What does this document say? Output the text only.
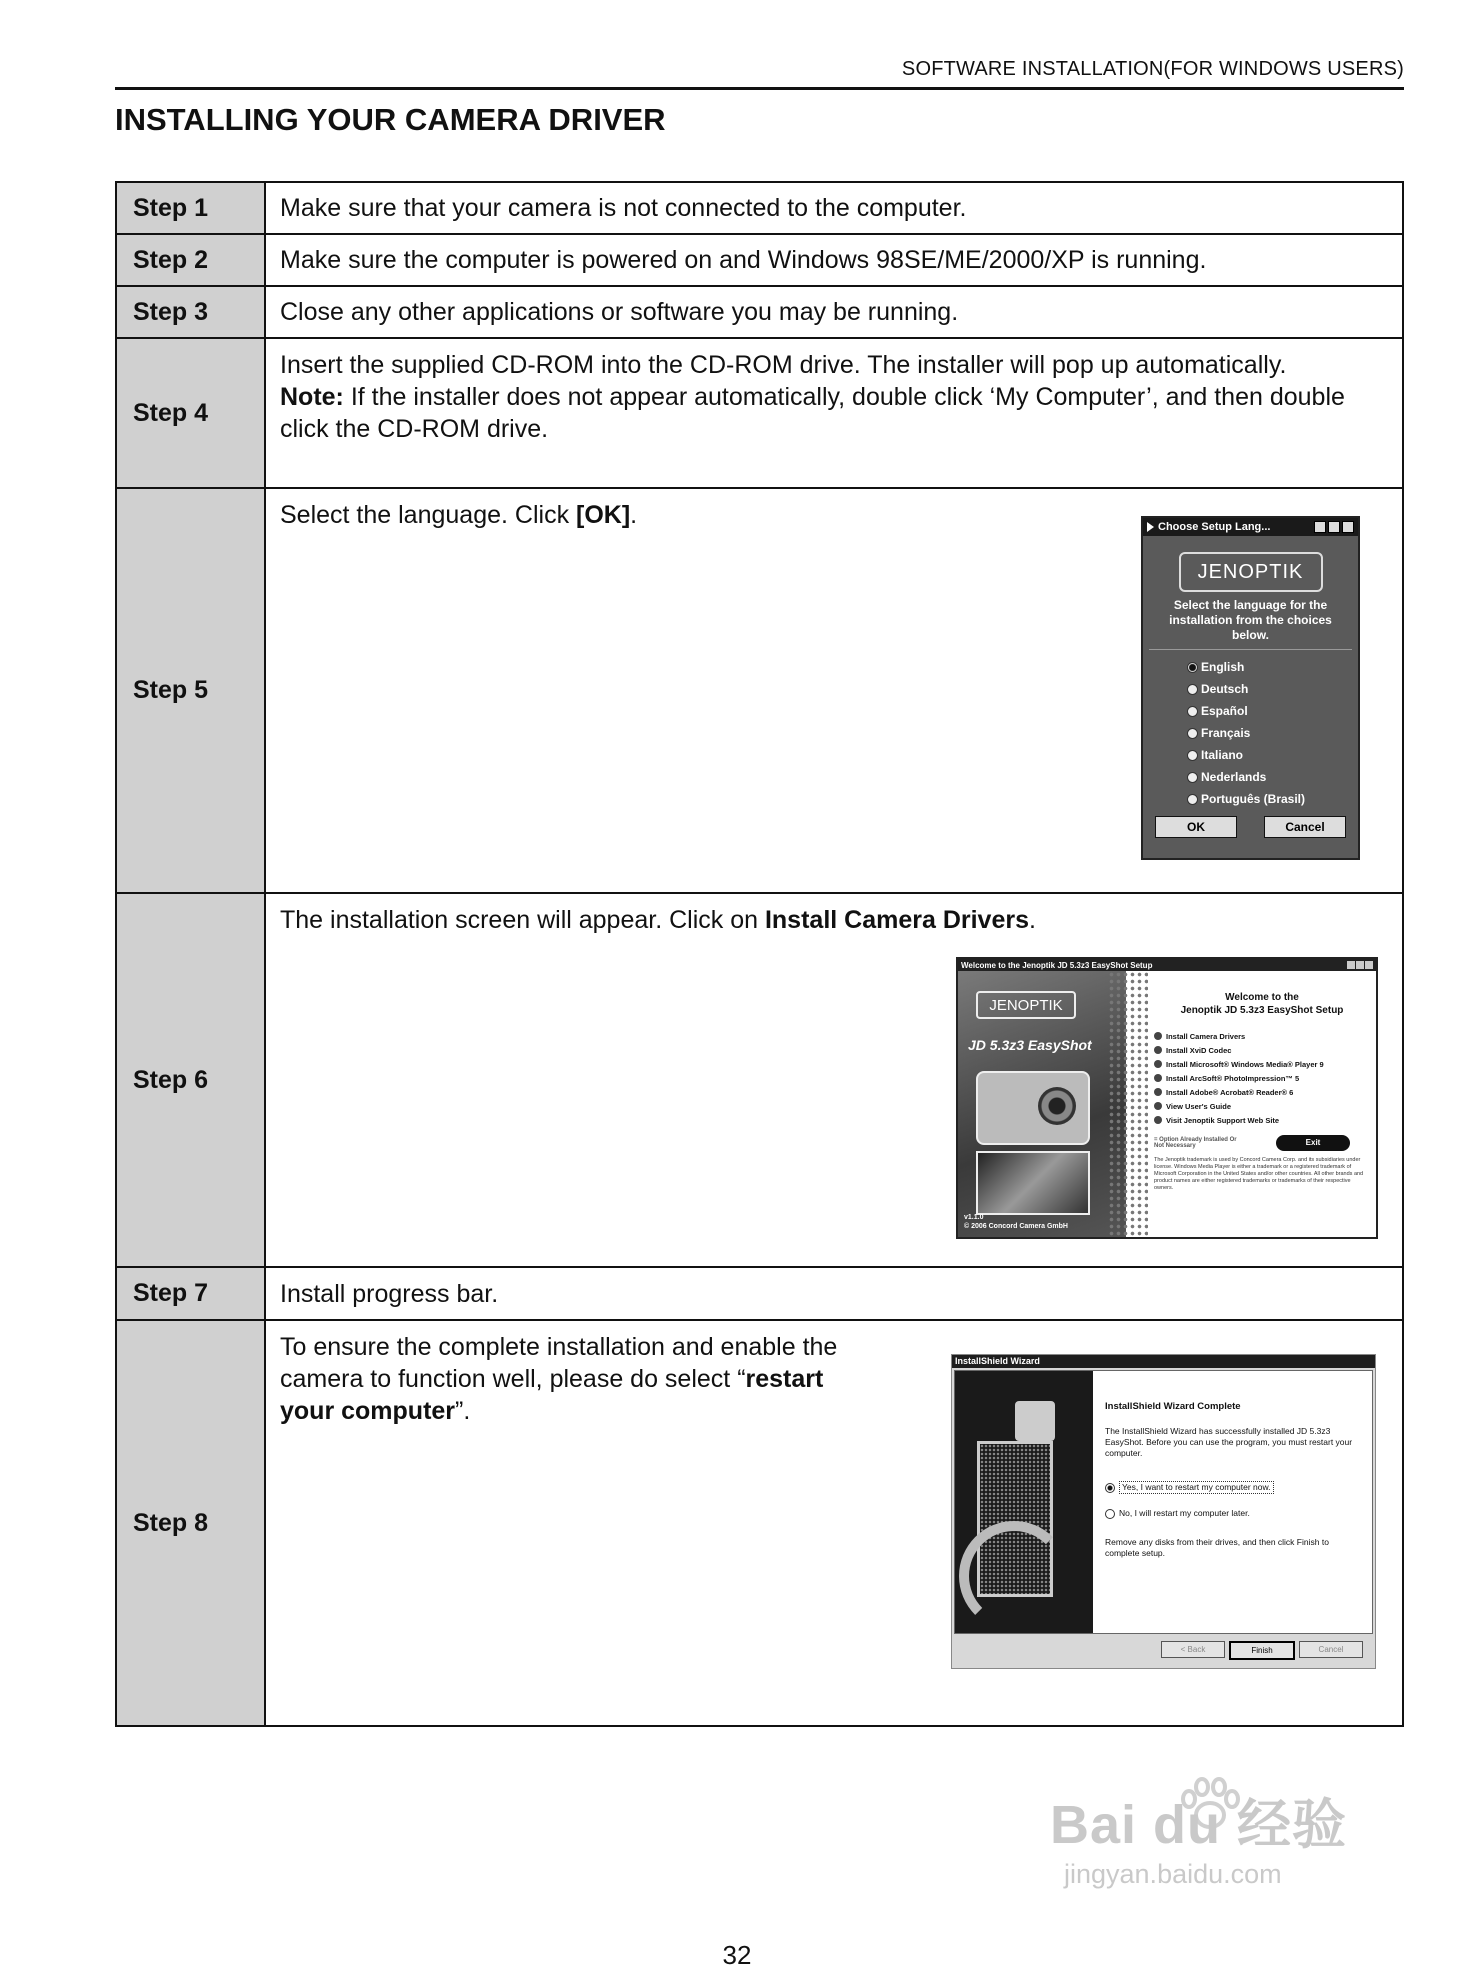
SOFTWARE INSTALLATION(FOR WINDOWS USERS)
INSTALLING YOUR CAMERA DRIVER
Step 1	Make sure that your camera is not connected to the computer.
Step 2	Make sure the computer is powered on and Windows 98SE/ME/2000/XP is running.
Step 3	Close any other applications or software you may be running.
Step 4	Insert the supplied CD-ROM into the CD-ROM drive. The installer will pop up automatically.
Note: If the installer does not appear automatically, double click ‘My Computer’, and then double click the CD-ROM drive.
Step 5	Select the language. Click [OK].
Step 6	The installation screen will appear. Click on Install Camera Drivers.
Step 7	Install progress bar.
Step 8	To ensure the complete installation and enable the camera to function well, please do select “restart your computer”.
Choose Setup Lang...
JENOPTIK
Select the language for the installation from the choices below.
English
Deutsch
Español
Français
Italiano
Nederlands
Português (Brasil)
OK	Cancel
Welcome to the Jenoptik JD 5.3z3 EasyShot Setup
JENOPTIK
JD 5.3z3 EasyShot
v1.1.0
© 2006 Concord Camera GmbH
Welcome to the
Jenoptik JD 5.3z3 EasyShot Setup
Install Camera Drivers
Install XviD Codec
Install Microsoft® Windows Media® Player 9
Install ArcSoft® PhotoImpression™ 5
Install Adobe® Acrobat® Reader® 6
View User's Guide
Visit Jenoptik Support Web Site
= Option Already Installed Or Not Necessary	Exit
The Jenoptik trademark is used by Concord Camera Corp. and its subsidiaries under license. Windows Media Player is either a trademark or a registered trademark of Microsoft Corporation in the United States and/or other countries. All other brands and product names are either registered trademarks or trademarks of their respective owners.
InstallShield Wizard
InstallShield Wizard Complete
The InstallShield Wizard has successfully installed JD 5.3z3 EasyShot. Before you can use the program, you must restart your computer.
Yes, I want to restart my computer now.
No, I will restart my computer later.
Remove any disks from their drives, and then click Finish to complete setup.
< Back	Finish	Cancel
32
Bai du 经验
jingyan.baidu.com
